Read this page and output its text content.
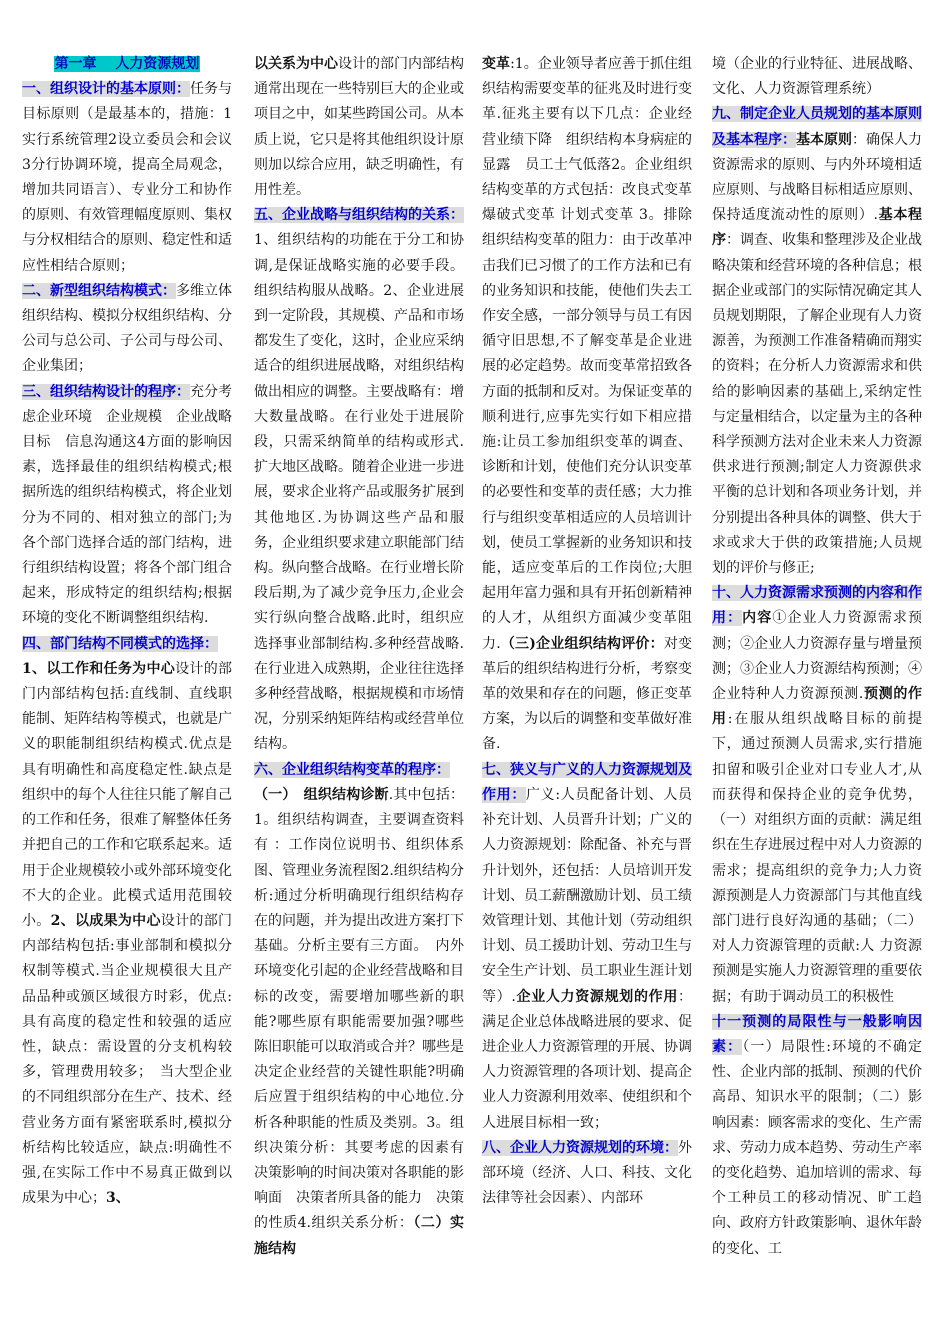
第一章　 人力资源规划

一、组织设计的基本原则：任务与目标原则（是最基本的，措施：1实行系统管理2设立委员会和会议3分行协调环境，提高全局观念，增加共同语言）、专业分工和协作的原则、有效管理幅度原则、集权与分权相结合的原则、稳定性和适应性相结合原则；

二、新型组织结构模式：多维立体组织结构、模拟分权组织结构、分公司与总公司、子公司与母公司、企业集团；

三、组织结构设计的程序：充分考虑企业环境　企业规模　企业战略目标　信息沟通这4方面的影响因素，选择最佳的组织结构模式;根据所选的组织结构模式，将企业划分为不同的、相对独立的部门;为各个部门选择合适的部门结构，进行组织结构设置；将各个部门组合起来，形成特定的组织结构;根据环境的变化不断调整组织结构.

四、部门结构不同模式的选择：

1、以工作和任务为中心设计的部门内部结构包括:直线制、直线职能制、矩阵结构等模式，也就是广义的职能制组织结构模式.优点是具有明确性和高度稳定性.缺点是组织中的每个人往往只能了解自己的工作和任务，很难了解整体任务并把自己的工作和它联系起来。适用于企业规模较小或外部环境变化不大的企业。此模式适用范围较小。2、以成果为中心设计的部门内部结构包括:事业部制和模拟分权制等模式.当企业规模很大且产品品种或颁区域很方时彩，优点:具有高度的稳定性和较强的适应性，缺点：需设置的分支机构较多，管理费用较多；　当大型企业的不同组织部分在生产、技术、经营业务方面有紧密联系时,模拟分析结构比较适应，缺点:明确性不强,在实际工作中不易真正做到以成果为中心；3、

以关系为中心设计的部门内部结构通常出现在一些特别巨大的企业或项目之中，如某些跨国公司。从本质上说，它只是将其他组织设计原则加以综合应用，缺乏明确性，有用性差。

五、企业战略与组织结构的关系：1、组织结构的功能在于分工和协调,是保证战略实施的必要手段。组织结构服从战略。2、企业进展到一定阶段，其规模、产品和市场都发生了变化，这时，企业应采纳适合的组织进展战略，对组织结构做出相应的调整。主要战略有：增大数量战略。在行业处于进展阶段，只需采纳简单的结构或形式.扩大地区战略。随着企业进一步进展，要求企业将产品或服务扩展到其他地区.为协调这些产品和服务，企业组织要求建立职能部门结构。纵向整合战略。在行业增长阶段后期,为了减少竞争压力,企业会实行纵向整合战略.此时，组织应选择事业部制结构.多种经营战略.在行业进入成熟期，企业往往选择多种经营战略，根据规模和市场情况，分别采纳矩阵结构或经营单位结构。

六、企业组织结构变革的程序：

（一）　组织结构诊断.其中包括：1。组织结构调查，主要调查资料有 ：工作岗位说明书、组织体系图、管理业务流程图2.组织结构分析:通过分析明确现行组织结构存在的问题，并为提出改进方案打下基础。分析主要有三方面。　内外环境变化引起的企业经营战略和目标的改变，需要增加哪些新的职能?哪些原有职能需要加强?哪些陈旧职能可以取消或合并？哪些是决定企业经营的关键性职能?明确后应置于组织结构的中心地位.分析各种职能的性质及类别。3。组织决策分析：其要考虑的因素有　决策影响的时间决策对各职能的影响面　决策者所具备的能力　决策的性质4.组织关系分析：（二）实施结构

变革:1。企业领导者应善于抓住组织结构需要变革的征兆及时进行变革.征兆主要有以下几点：企业经营业绩下降　组织结构本身病症的显露　员工士气低落2。企业组织结构变革的方式包括：改良式变革 爆破式变革 计划式变革 3。排除组织结构变革的阻力：由于改革冲击我们已习惯了的工作方法和已有的业务知识和技能，使他们失去工作安全感，一部分领导与员工有因循守旧思想,不了解变革是企业进展的必定趋势。故而变革常招致各方面的抵制和反对。为保证变革的顺利进行,应事先实行如下相应措施:让员工参加组织变革的调查、诊断和计划，使他们充分认识变革的必要性和变革的责任感；大力推行与组织变革相适应的人员培训计划，使员工掌握新的业务知识和技能，适应变革后的工作岗位;大胆起用年富力强和具有开拓创新精神的人才，从组织方面减少变革阻力.（三)企业组织结构评价：对变革后的组织结构进行分析，考察变革的效果和存在的问题，修正变革方案，为以后的调整和变革做好准备.

七、狭义与广义的人力资源规划及作用：广义:人员配备计划、人员补充计划、人员晋升计划；广义的人力资源规划：除配备、补充与晋升计划外，还包括：人员培训开发计划、员工薪酬激励计划、员工绩效管理计划、其他计划（劳动组织计划、员工援助计划、劳动卫生与安全生产计划、员工职业生涯计划等）.企业人力资源规划的作用：满足企业总体战略进展的要求、促进企业人力资源管理的开展、协调人力资源管理的各项计划、提高企业人力资源利用效率、使组织和个人进展目标相一致；

八、企业人力资源规划的环境：外部环境（经济、人口、科技、文化法律等社会因素）、内部环

境（企业的行业特征、进展战略、文化、人力资源管理系统）

九、制定企业人员规划的基本原则及基本程序：基本原则：确保人力资源需求的原则、与内外环境相适应原则、与战略目标相适应原则、保持适度流动性的原则）.基本程序：调查、收集和整理涉及企业战略决策和经营环境的各种信息；根据企业或部门的实际情况确定其人员规划期限，了解企业现有人力资源善，为预测工作准备精确而翔实的资料；在分析人力资源需求和供给的影响因素的基础上,采纳定性与定量相结合，以定量为主的各种科学预测方法对企业未来人力资源供求进行预测;制定人力资源供求平衡的总计划和各项业务计划，并分别提出各种具体的调整、供大于求或求大于供的政策措施;人员规划的评价与修正;

十、人力资源需求预测的内容和作用：内容①企业人力资源需求预测；②企业人力资源存量与增量预测；③企业人力资源结构预测；④企业特种人力资源预测.预测的作用:在服从组织战略目标的前提下，通过预测人员需求,实行措施扣留和吸引企业对口专业人才,从而获得和保持企业的竞争优势，（一）对组织方面的贡献：满足组织在生存进展过程中对人力资源的需求；提高组织的竞争力;人力资源预测是人力资源部门与其他直线部门进行良好沟通的基础；（二）对人力资源管理的贡献:人 力资源预测是实施人力资源管理的重要依据；有助于调动员工的积极性

十一预测的局限性与一般影响因素：（一）局限性:环境的不确定性、企业内部的抵制、预测的代价高昂、知识水平的限制；（二）影响因素：顾客需求的变化、生产需求、劳动力成本趋势、劳动生产率的变化趋势、追加培训的需求、每个工种员工的移动情况、旷工趋向、政府方针政策影响、退休年龄的变化、工
